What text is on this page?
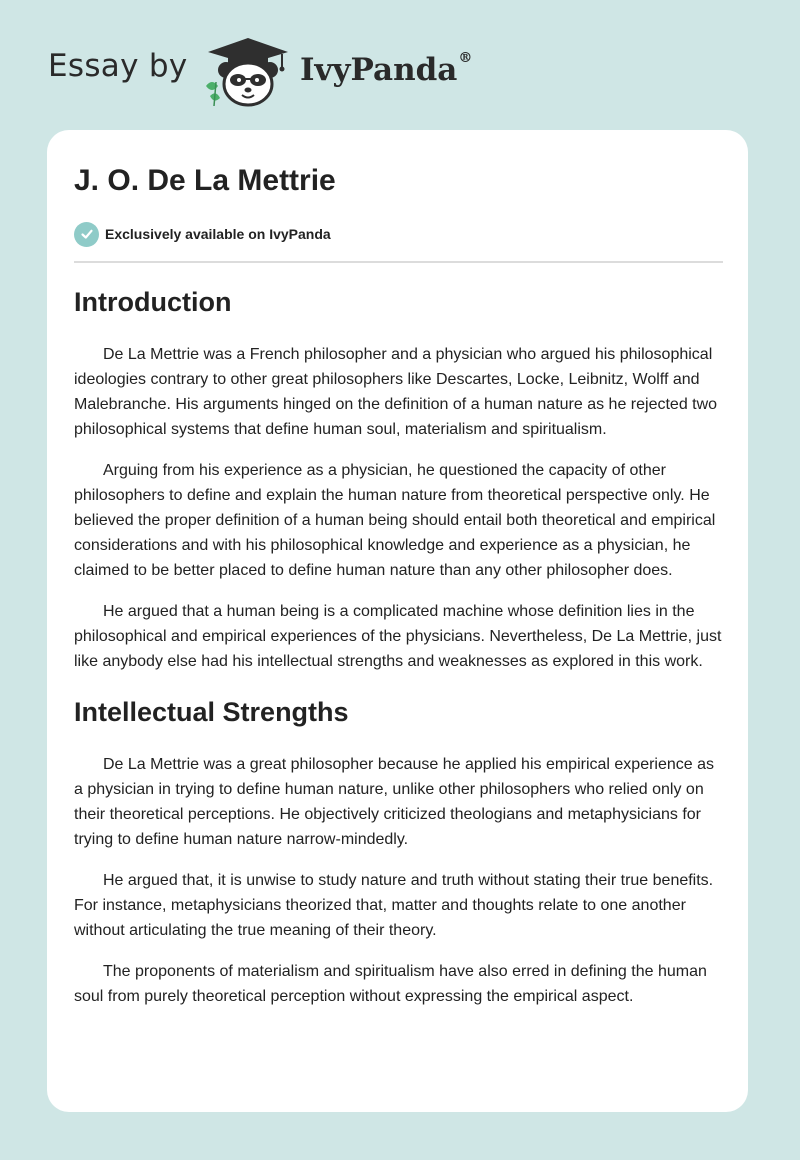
Essay by	IvyPanda®
J. O. De La Mettrie
Exclusively available on IvyPanda
Introduction

De La Mettrie was a French philosopher and a physician who argued his philosophical ideologies contrary to other great philosophers like Descartes, Locke, Leibnitz, Wolff and Malebranche. His arguments hinged on the definition of a human nature as he rejected two philosophical systems that define human soul, materialism and spiritualism.

Arguing from his experience as a physician, he questioned the capacity of other philosophers to define and explain the human nature from theoretical perspective only. He believed the proper definition of a human being should entail both theoretical and empirical considerations and with his philosophical knowledge and experience as a physician, he claimed to be better placed to define human nature than any other philosopher does.

He argued that a human being is a complicated machine whose definition lies in the philosophical and empirical experiences of the physicians. Nevertheless, De La Mettrie, just like anybody else had his intellectual strengths and weaknesses as explored in this work.

Intellectual Strengths

De La Mettrie was a great philosopher because he applied his empirical experience as a physician in trying to define human nature, unlike other philosophers who relied only on their theoretical perceptions. He objectively criticized theologians and metaphysicians for trying to define human nature narrow-mindedly.

He argued that, it is unwise to study nature and truth without stating their true benefits. For instance, metaphysicians theorized that, matter and thoughts relate to one another without articulating the true meaning of their theory.

The proponents of materialism and spiritualism have also erred in defining the human soul from purely theoretical perception without expressing the empirical aspect.
